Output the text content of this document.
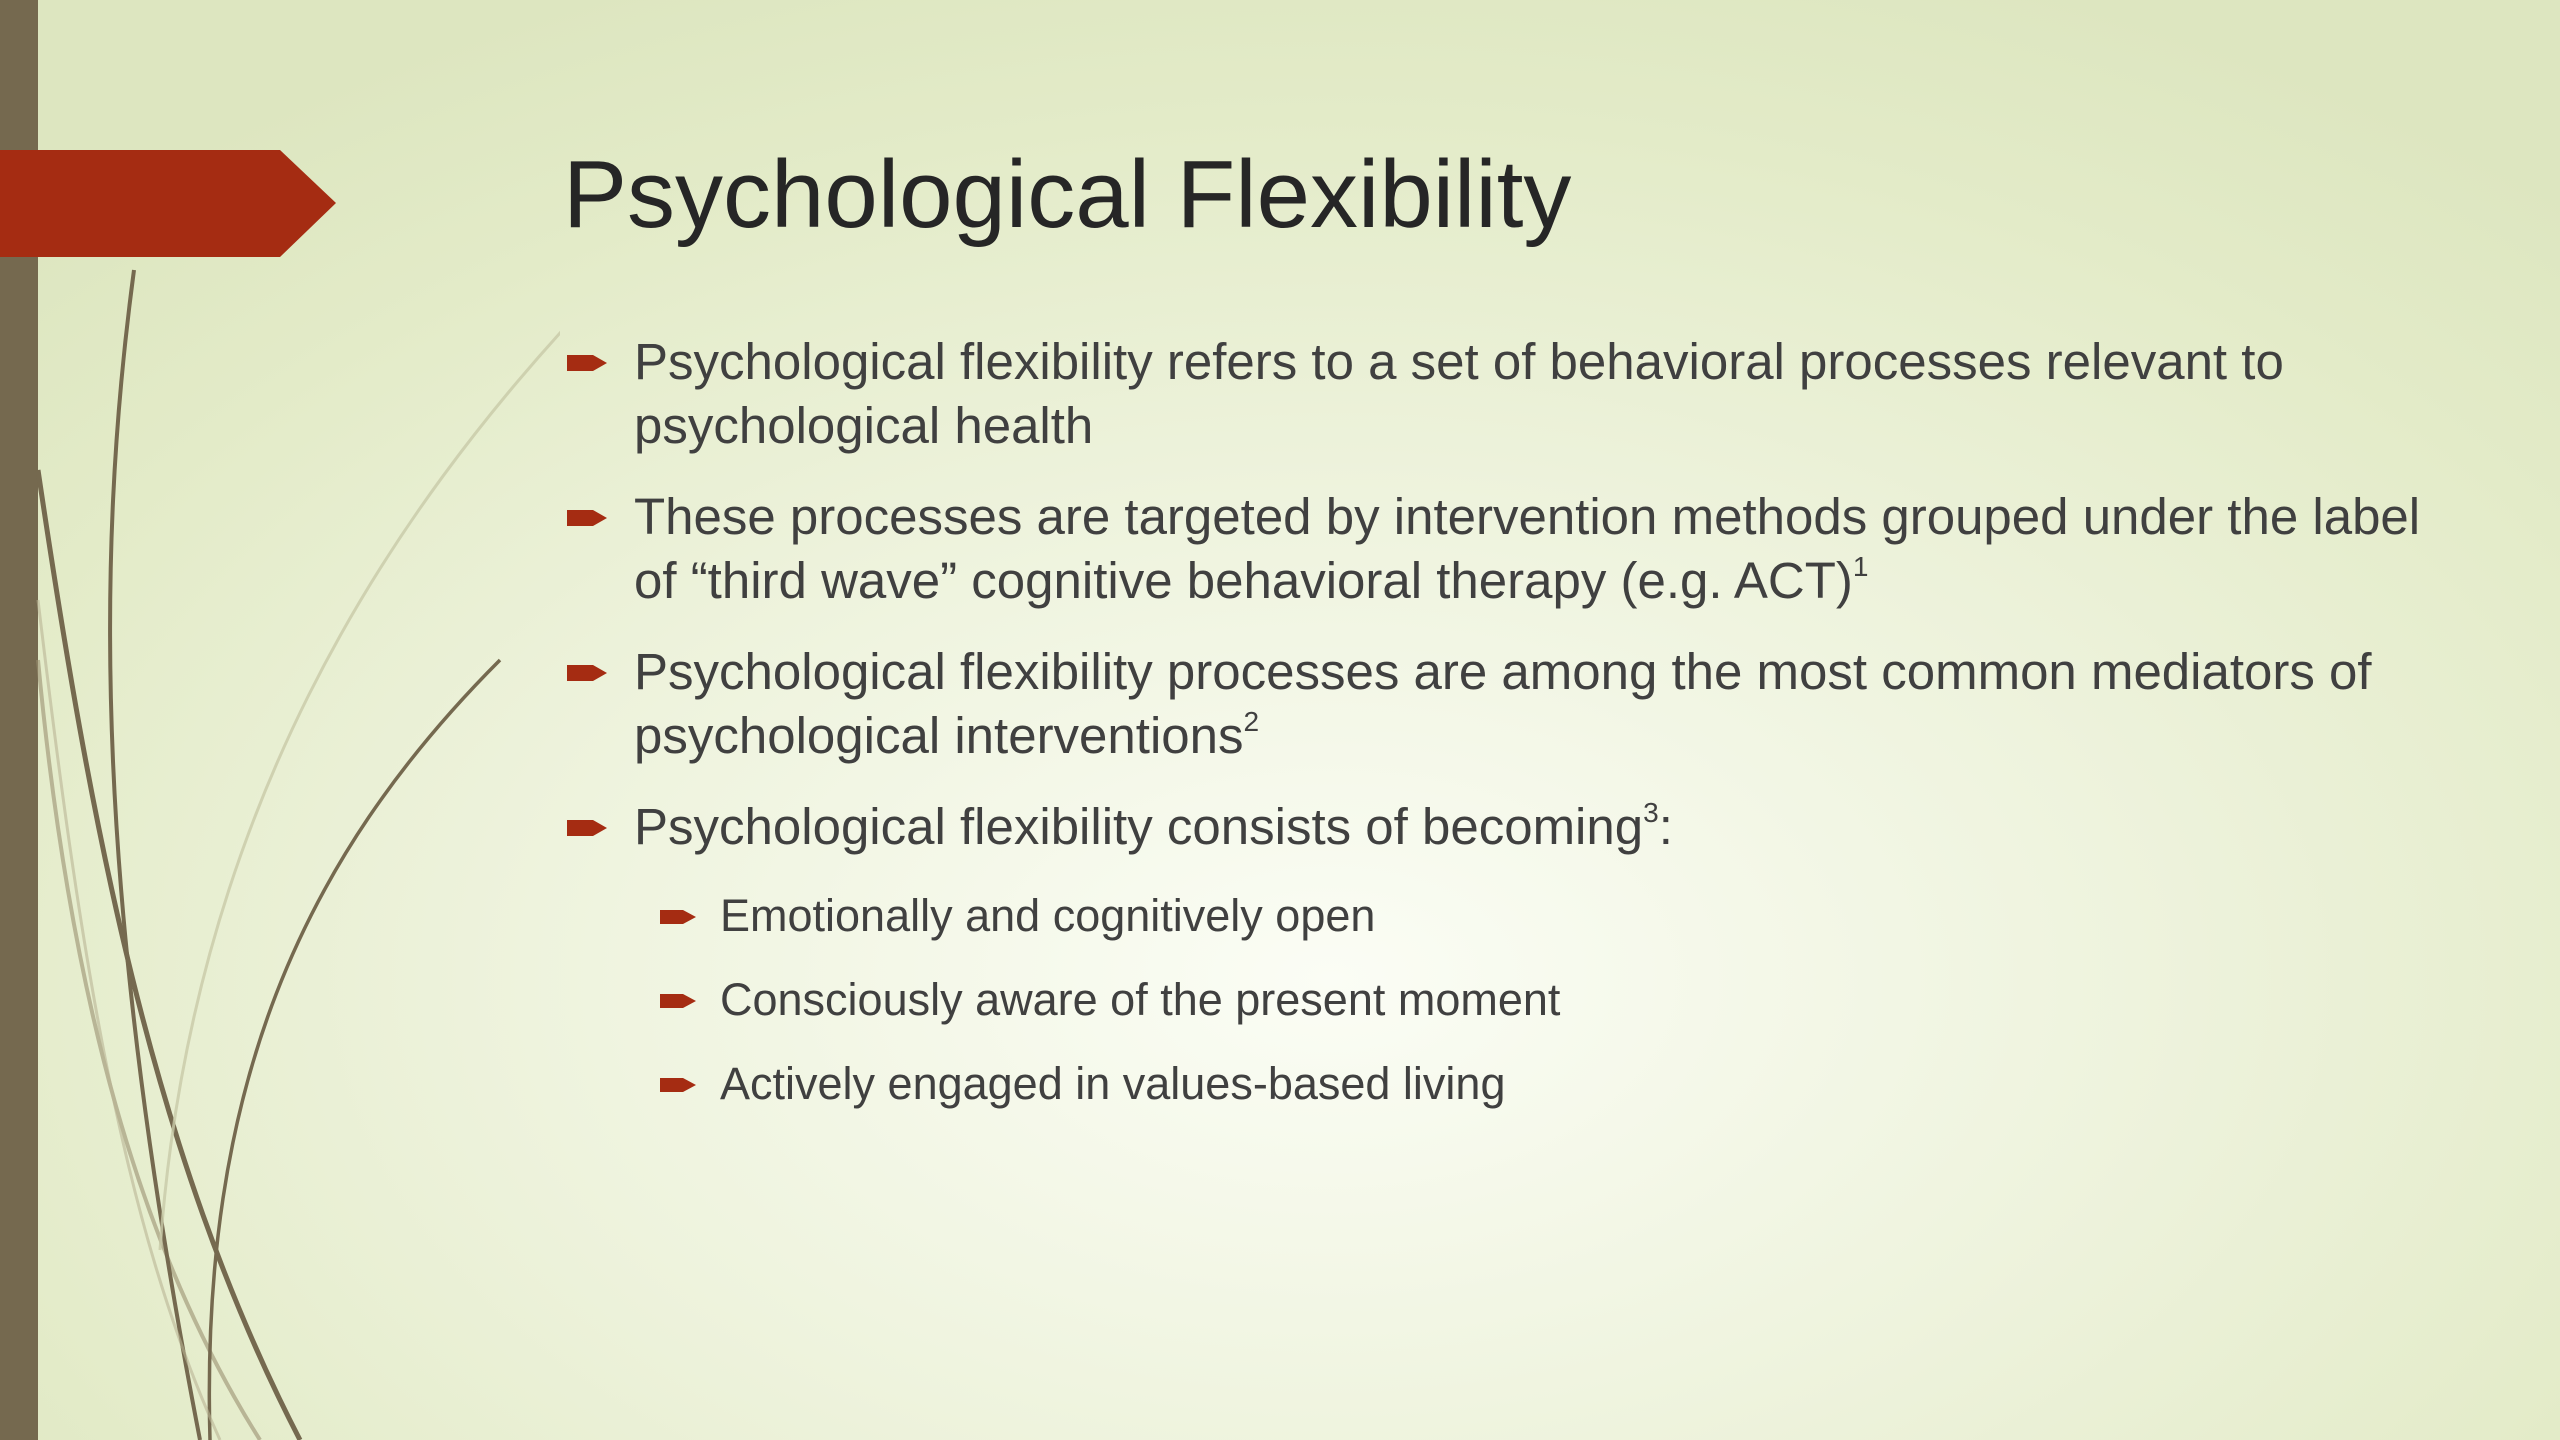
Psychological Flexibility
Psychological flexibility refers to a set of behavioral processes relevant to psychological health
These processes are targeted by intervention methods grouped under the label of “third wave” cognitive behavioral therapy (e.g. ACT)$^1$
Psychological flexibility processes are among the most common mediators of psychological interventions$^2$
Psychological flexibility consists of becoming$^3$:
Emotionally and cognitively open
Consciously aware of the present moment
Actively engaged in values-based living
